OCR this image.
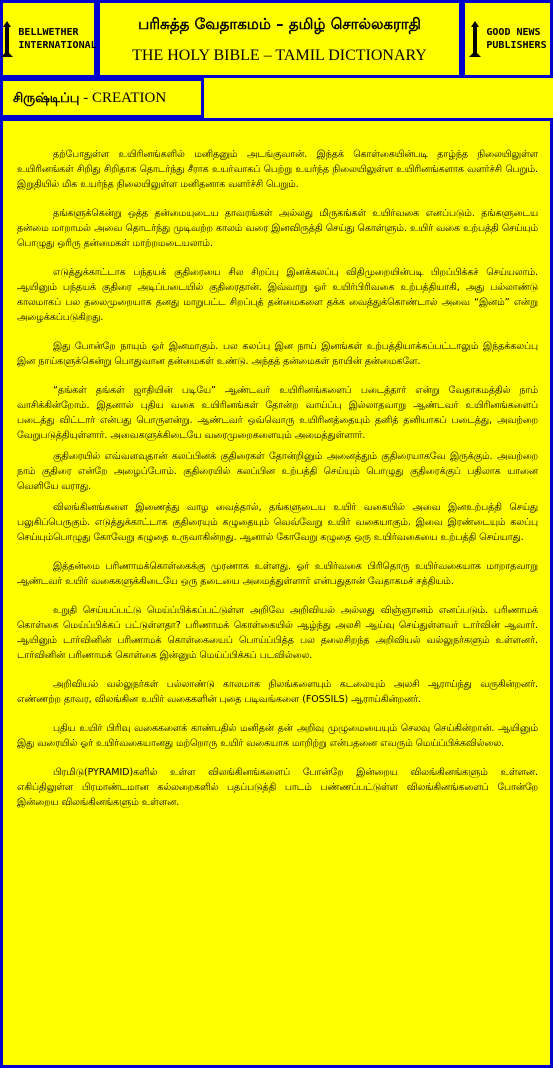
BELLWETHER
INTERNATIONAL
பரிசுத்த வேதாகமம் – தமிழ் சொல்லகராதி
THE HOLY BIBLE – TAMIL DICTIONARY
GOOD NEWS
PUBLISHERS
சிருஷ்டிப்பு - CREATION

தற்போதுள்ள உயிரினங்களில் மனிதனும் அடங்குவான். இந்தக் கொள்கையின்படி தாழ்ந்த நிலையிலுள்ள உயிரினங்கள் சிறிது சிறிதாக தொடர்ந்து சீராக உயர்வாகப் பெற்று உயர்ந்த நிலையிலுள்ள உயிரினங்களாக வளர்ச்சி பெறும். இறுதியில் மிக உயர்ந்த நிலையிலுள்ள மனிதனாக வளர்ச்சி பெறும்.

தங்களுக்கென்று ஒத்த தன்மையுடைய தாவரங்கள் அல்லது மிருகங்கள் உயிர்வகை எனப்படும். தங்களுடைய தன்மை மாறாமல் அவை தொடர்ந்து முடிவற்ற காலம் வரை இனவிருத்தி செய்து கொள்ளும். உயிர் வகை உற்பத்தி செய்யும் பொழுது ஒரிரு தன்மைகள் மாற்றமடையலாம்.

எடுத்துக்காட்டாக பந்தயக் குதிரையை சில சிறப்பு இனக்கலப்பு விதிமுறையின்படி பிறப்பிக்கச் செய்யலாம். ஆயினும் பந்தயக் குதிரை அடிப்படையில் குதிரைதான். இவ்வாறு ஓர் உயிர்பிரிவகை உற்பத்தியாகி, அது பல்லாண்டு காலமாகப் பல தலைமுறையாக தனது மாறுபட்ட சிறப்புத் தன்மைகளை தக்க வைத்துக்கொண்டால் அவை “இனம்” என்று அழைக்கப்படுகிறது.

இது போன்றே நாயும் ஓர் இனமாகும். பல கலப்பு இன நாய் இனங்கள் உற்பத்தியாக்கப்பட்டாலும் இந்தக்கலப்பு இன நாய்களுக்கென்று பொதுவான தன்மைகள் உண்டு. அந்தத் தன்மைகள் நாயின் தன்மைகளே.

“தங்கள் தங்கள் ஜாதியின் படியே” ஆண்டவர் உயிரினங்களைப் படைத்தார் என்று வேதாகமத்தில் நாம் வாசிக்கின்றோம். இதனால் புதிய வகை உயிரினங்கள் தோன்ற வாய்ப்பு இல்லாதவாறு ஆண்டவர் உயிரினங்களைப் படைத்து விட்டார் என்பது பொருளன்று. ஆண்டவர் ஒவ்வொரு உயிரினத்தையும் தனித் தனியாகப் படைத்து, அவற்றை வேறுபடுத்தியுள்ளார். அவைகளுக்கிடையே வரைமுறைகளையும் அமைத்துள்ளார்.

குதிரையில் எவ்வளவுதான் கலப்பினக் குதிரைகள் தோன்றினும் அனைத்தும் குதிரையாகவே இருக்கும். அவற்றை நாம் குதிரை என்றே அழைப்போம். குதிரையில் கலப்பின உற்பத்தி செய்யும் பொழுது குதிரைக்குப் பதிலாக யானை வெளியே வராது.

விலங்கினங்களை இணைத்து வாழ வைத்தால், தங்களுடைய உயிர் வகையில் அவை இனஉற்பத்தி செய்து பலுகிப்பெருகும். எடுத்துக்காட்டாக குதிரையும் கழுதையும் வெவ்வேறு உயிர் வகையாகும். இவை இரண்டையும் கலப்பு செய்யும்பொழுது கோவேறு கழுதை உருவாகின்றது. ஆனால் கோவேறு கழுதை ஒரு உயிர்வகையை உற்பத்தி செய்யாது.

இத்தன்மை பரிணாமக்கொள்கைக்கு முரணாக உள்ளது. ஓர் உயிர்வகை பிரிதொரு உயிர்வகையாக மாறாதவாறு ஆண்டவர் உயிர் வகைகளுக்கிடையே ஒரு தடையை அமைத்துள்ளார் என்பதுதான் வேதாகமச் சத்தியம்.

உறுதி செய்யப்பட்டு மெய்ப்பிக்கப்பட்டுள்ள அறிவே அறிவியல் அல்லது விஞ்ஞானம் எனப்படும். பரிணாமக் கொள்கை மெய்ப்பிக்கப் பட்டுள்ளதா? பரிணாமக் கொள்கையில் ஆழ்ந்து அலசி ஆய்வு செய்துள்ளவர் டார்வின் ஆவார். ஆயினும் டார்வினின் பரிணாமக் கொள்கையைப் பொய்ப்பித்த பல தலைசிறந்த அறிவியல் வல்லுநர்களும் உள்ளனர். டார்வினின் பரிணாமக் கொள்கை இன்னும் மெய்ப்பிக்கப் படவில்லை.

அறிவியல் வல்லுநர்கள் பல்லாண்டு காலமாக நிலங்களையும் கடலையும் அலசி ஆராய்ந்து வருகின்றனர். எண்ணற்ற தாவர, விலங்கின உயிர் வகைகளின் புதை படிவங்களை (FOSSILS) ஆராய்கின்றனர்.

புதிய உயிர் பிரிவு வகைகளைக் காண்பதில் மனிதன் தன் அறிவு முழுமையையும் செலவு செய்கின்றான். ஆயினும் இது வரையில் ஓர் உயிர்வகையானது மற்றொரு உயிர் வகையாக மாறிற்று என்பதனை எவரும் மெய்ப்பிக்கவில்லை.

பிரமிடு(PYRAMID)களில் உள்ள விலங்கினங்களைப் போன்றே இன்றைய விலங்கினங்களும் உள்ளன. எகிப்திலுள்ள பிரமாண்டமான கல்லறைகளில் பதப்படுத்தி பாடம் பண்ணப்பட்டுள்ள விலங்கினங்களைப் போன்றே இன்றைய விலங்கினங்களும் உள்ளன.
